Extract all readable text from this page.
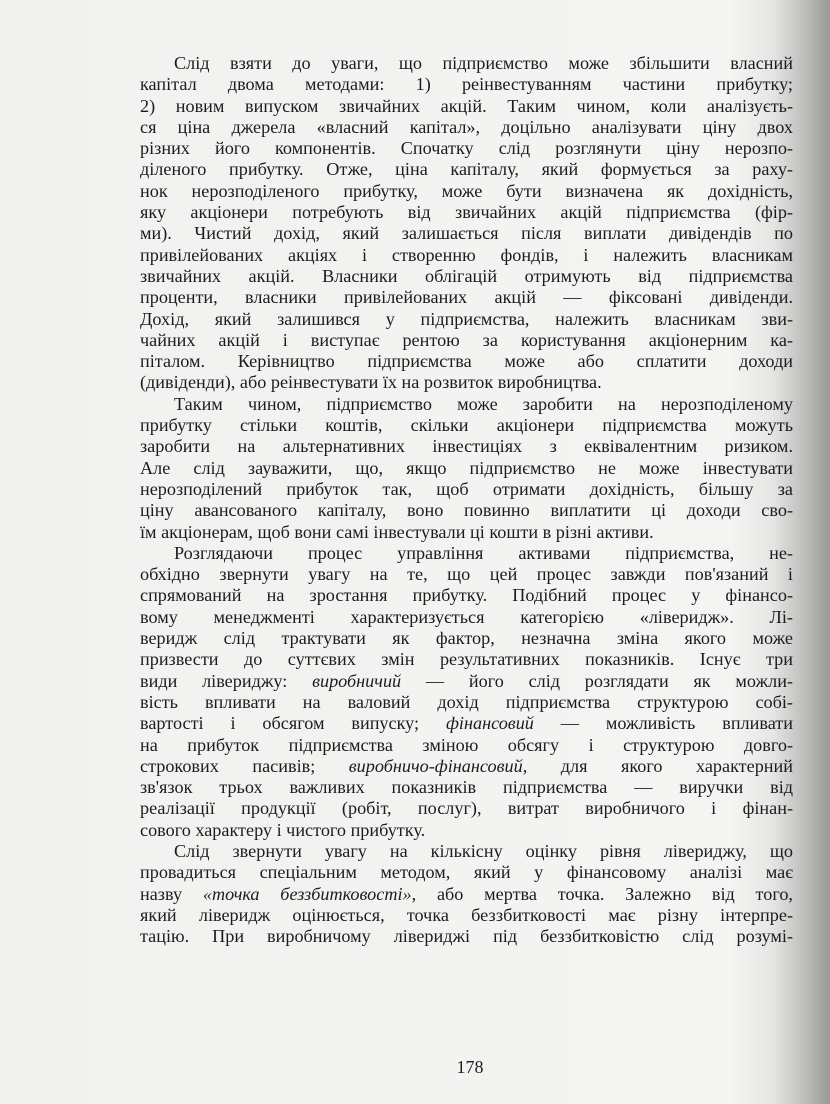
Слід взяти до уваги, що підприємство може збільшити власний
капітал двома методами: 1) реінвестуванням частини прибутку;
2) новим випуском звичайних акцій. Таким чином, коли аналізуєть-
ся ціна джерела «власний капітал», доцільно аналізувати ціну двох
різних його компонентів. Спочатку слід розглянути ціну нерозпо-
діленого прибутку. Отже, ціна капіталу, який формується за раху-
нок нерозподіленого прибутку, може бути визначена як дохідність,
яку акціонери потребують від звичайних акцій підприємства (фір-
ми). Чистий дохід, який залишається після виплати дивідендів по
привілейованих акціях і створенню фондів, і належить власникам
звичайних акцій. Власники облігацій отримують від підприємства
проценти, власники привілейованих акцій — фіксовані дивіденди.
Дохід, який залишився у підприємства, належить власникам зви-
чайних акцій і виступає рентою за користування акціонерним ка-
піталом. Керівництво підприємства може або сплатити доходи
(дивіденди), або реінвестувати їх на розвиток виробництва.
Таким чином, підприємство може заробити на нерозподіленому
прибутку стільки коштів, скільки акціонери підприємства можуть
заробити на альтернативних інвестиціях з еквівалентним ризиком.
Але слід зауважити, що, якщо підприємство не може інвестувати
нерозподілений прибуток так, щоб отримати дохідність, більшу за
ціну авансованого капіталу, воно повинно виплатити ці доходи сво-
їм акціонерам, щоб вони самі інвестували ці кошти в різні активи.
Розглядаючи процес управління активами підприємства, не-
обхідно звернути увагу на те, що цей процес завжди пов'язаний і
спрямований на зростання прибутку. Подібний процес у фінансо-
вому менеджменті характеризується категорією «ліверидж». Лі-
веридж слід трактувати як фактор, незначна зміна якого може
призвести до суттєвих змін результативних показників. Існує три
види лівериджу: виробничий — його слід розглядати як можли-
вість впливати на валовий дохід підприємства структурою собі-
вартості і обсягом випуску; фінансовий — можливість впливати
на прибуток підприємства зміною обсягу і структурою довго-
строкових пасивів; виробничо-фінансовий, для якого характерний
зв'язок трьох важливих показників підприємства — виручки від
реалізації продукції (робіт, послуг), витрат виробничого і фінан-
сового характеру і чистого прибутку.
Слід звернути увагу на кількісну оцінку рівня лівериджу, що
провадиться спеціальним методом, який у фінансовому аналізі має
назву «точка беззбитковості», або мертва точка. Залежно від того,
який ліверидж оцінюється, точка беззбитковості має різну інтерпре-
тацію. При виробничому лівериджі під беззбитковістю слід розумі-
178
